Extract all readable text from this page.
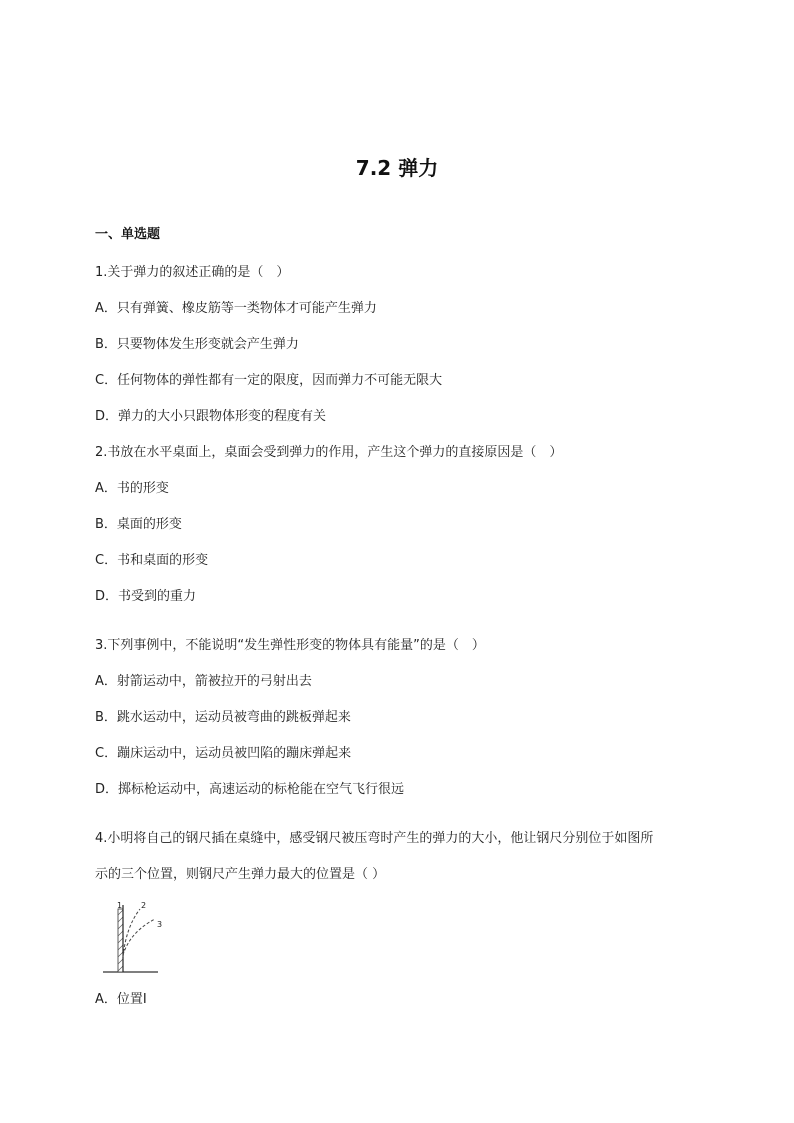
7.2 弹力
一、单选题
1.关于弹力的叙述正确的是（　）
A．只有弹簧、橡皮筋等一类物体才可能产生弹力
B．只要物体发生形变就会产生弹力
C．任何物体的弹性都有一定的限度，因而弹力不可能无限大
D．弹力的大小只跟物体形变的程度有关
2.书放在水平桌面上，桌面会受到弹力的作用，产生这个弹力的直接原因是（　）
A．书的形变
B．桌面的形变
C．书和桌面的形变
D．书受到的重力
3.下列事例中，不能说明“发生弹性形变的物体具有能量”的是（　）
A．射箭运动中，箭被拉开的弓射出去
B．跳水运动中，运动员被弯曲的跳板弹起来
C．蹦床运动中，运动员被凹陷的蹦床弹起来
D．掷标枪运动中，高速运动的标枪能在空气飞行很远
4.小明将自己的钢尺插在桌缝中，感受钢尺被压弯时产生的弹力的大小，他让钢尺分别位于如图所
示的三个位置，则钢尺产生弹力最大的位置是（ ）
1 2
3
A．位置Ⅰ
